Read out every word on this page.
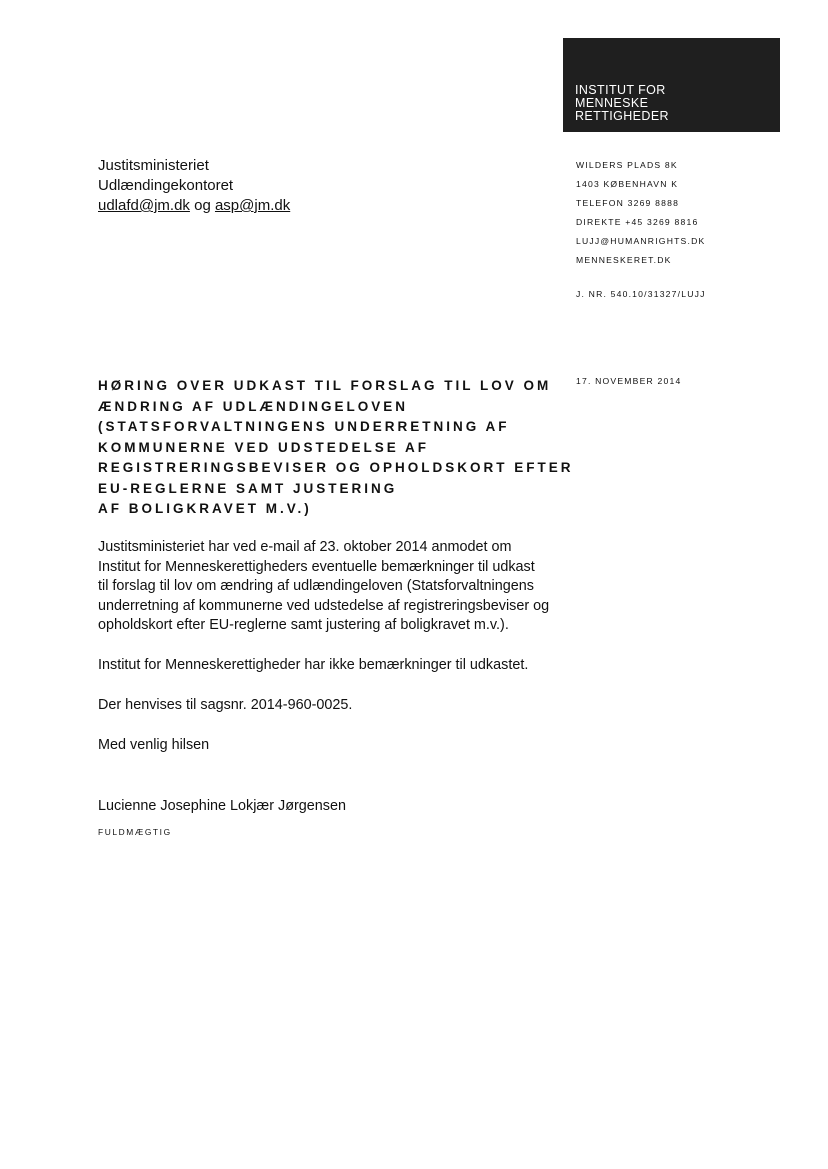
INSTITUT FOR
MENNESKE
RETTIGHEDER
Justitsministeriet
Udlændingekontoret
udlafd@jm.dk og asp@jm.dk
WILDERS PLADS 8K
1403 KØBENHAVN K
TELEFON 3269 8888
DIREKTE +45 3269 8816
LUJJ@HUMANRIGHTS.DK
MENNESKERET.DK
J. NR. 540.10/31327/LUJJ
17. NOVEMBER 2014
HØRING OVER UDKAST TIL FORSLAG TIL LOV OM
ÆNDRING AF UDLÆNDINGELOVEN
(STATSFORVALTNINGENS UNDERRETNING AF
KOMMUNERNE VED UDSTEDELSE AF
REGISTRERINGSBEVISER OG OPHOLDSKORT EFTER
EU-REGLERNE SAMT JUSTERING
AF BOLIGKRAVET M.V.)
Justitsministeriet har ved e-mail af 23. oktober 2014 anmodet om
Institut for Menneskerettigheders eventuelle bemærkninger til udkast
til forslag til lov om ændring af udlændingeloven (Statsforvaltningens
underretning af kommunerne ved udstedelse af registreringsbeviser og
opholdskort efter EU-reglerne samt justering af boligkravet m.v.).
Institut for Menneskerettigheder har ikke bemærkninger til udkastet.
Der henvises til sagsnr. 2014-960-0025.
Med venlig hilsen
Lucienne Josephine Lokjær Jørgensen
FULDMÆGTIG
